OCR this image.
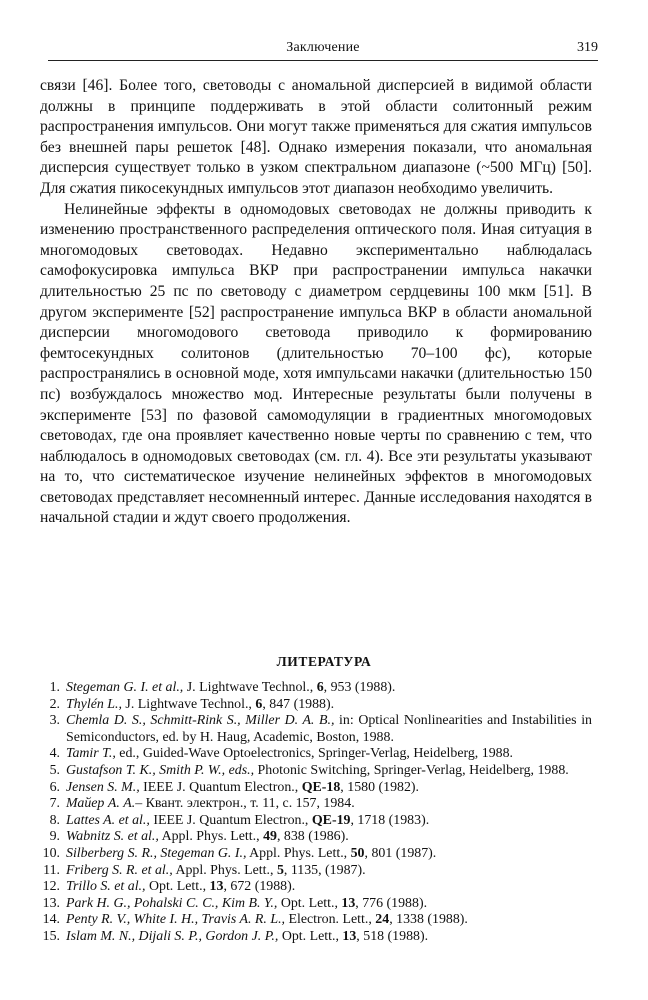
Заключение	319

связи [46]. Более того, световоды с аномальной дисперсией в видимой области должны в принципе поддерживать в этой области солитонный режим распространения импульсов. Они могут также применяться для сжатия импульсов без внешней пары решеток [48]. Однако измерения показали, что аномальная дисперсия существует только в узком спектральном диапазоне (~500 МГц) [50]. Для сжатия пикосекундных импульсов этот диапазон необходимо увеличить.

Нелинейные эффекты в одномодовых световодах не должны приводить к изменению пространственного распределения оптического поля. Иная ситуация в многомодовых световодах. Недавно экспериментально наблюдалась самофокусировка импульса ВКР при распространении импульса накачки длительностью 25 пс по световоду с диаметром сердцевины 100 мкм [51]. В другом эксперименте [52] распространение импульса ВКР в области аномальной дисперсии многомодового световода приводило к формированию фемтосекундных солитонов (длительностью 70–100 фс), которые распространялись в основной моде, хотя импульсами накачки (длительностью 150 пс) возбуждалось множество мод. Интересные результаты были получены в эксперименте [53] по фазовой самомодуляции в градиентных многомодовых световодах, где она проявляет качественно новые черты по сравнению с тем, что наблюдалось в одномодовых световодах (см. гл. 4). Все эти результаты указывают на то, что систематическое изучение нелинейных эффектов в многомодовых световодах представляет несомненный интерес. Данные исследования находятся в начальной стадии и ждут своего продолжения.

ЛИТЕРАТУРА
1. Stegeman G. I. et al., J. Lightwave Technol., 6, 953 (1988).
2. Thylén L., J. Lightwave Technol., 6, 847 (1988).
3. Chemla D. S., Schmitt-Rink S., Miller D. A. B., in: Optical Nonlinearities and Instabilities in Semiconductors, ed. by H. Haug, Academic, Boston, 1988.
4. Tamir T., ed., Guided-Wave Optoelectronics, Springer-Verlag, Heidelberg, 1988.
5. Gustafson T. K., Smith P. W., eds., Photonic Switching, Springer-Verlag, Heidelberg, 1988.
6. Jensen S. M., IEEE J. Quantum Electron., QE-18, 1580 (1982).
7. Майер А. А.– Квант. электрон., т. 11, с. 157, 1984.
8. Lattes A. et al., IEEE J. Quantum Electron., QE-19, 1718 (1983).
9. Wabnitz S. et al., Appl. Phys. Lett., 49, 838 (1986).
10. Silberberg S. R., Stegeman G. I., Appl. Phys. Lett., 50, 801 (1987).
11. Friberg S. R. et al., Appl. Phys. Lett., 5, 1135, (1987).
12. Trillo S. et al., Opt. Lett., 13, 672 (1988).
13. Park H. G., Pohalski C. C., Kim B. Y., Opt. Lett., 13, 776 (1988).
14. Penty R. V., White I. H., Travis A. R. L., Electron. Lett., 24, 1338 (1988).
15. Islam M. N., Dijali S. P., Gordon J. P., Opt. Lett., 13, 518 (1988).
